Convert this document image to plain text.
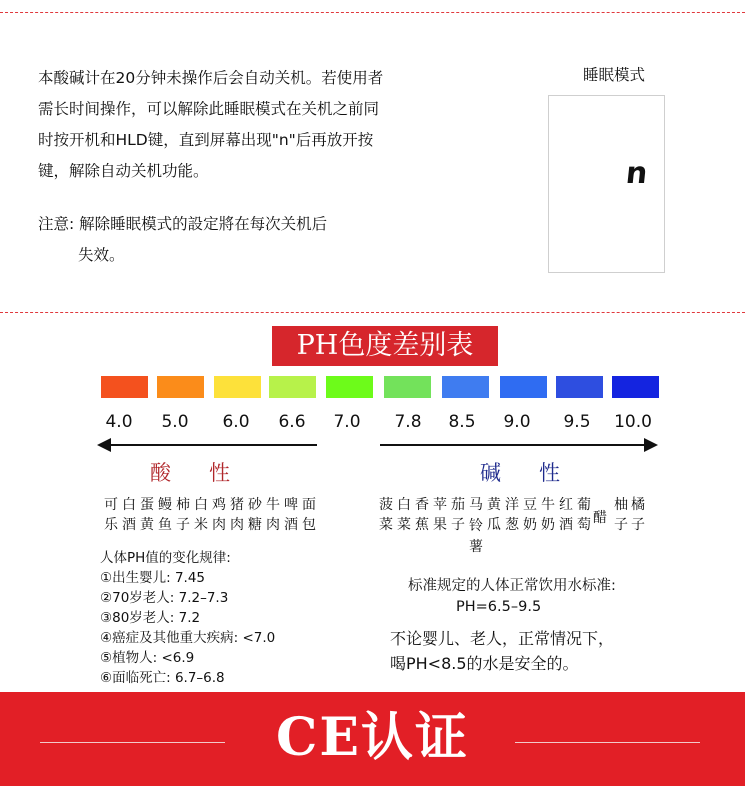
本酸碱计在20分钟未操作后会自动关机。若使用者
需长时间操作，可以解除此睡眠模式在关机之前同
时按开机和HLD键，直到屏幕出现"n"后再放开按
键，解除自动关机功能。
注意: 解除睡眠模式的設定將在每次关机后
失效。
睡眠模式
n
PH色度差别表
4.0	5.0	6.0	6.6	7.0	7.8	8.5	9.0	9.5	10.0
酸性	碱性
可乐
白酒
蛋黄
鳗鱼
柿子
白米
鸡肉
猪肉
砂糖
牛肉
啤酒
面包
菠菜
白菜
香蕉
苹果
茄子
马铃薯
黄瓜
洋葱
豆奶
牛奶
红酒
葡萄 醋
柚子
橘子
人体PH值的变化规律:
①出生婴儿: 7.45
②70岁老人: 7.2–7.3
③80岁老人: 7.2
④癌症及其他重大疾病: <7.0
⑤植物人: <6.9
⑥面临死亡: 6.7–6.8
标准规定的人体正常饮用水标准:
PH=6.5–9.5
不论婴儿、老人，正常情况下，
喝PH<8.5的水是安全的。
CE认证
